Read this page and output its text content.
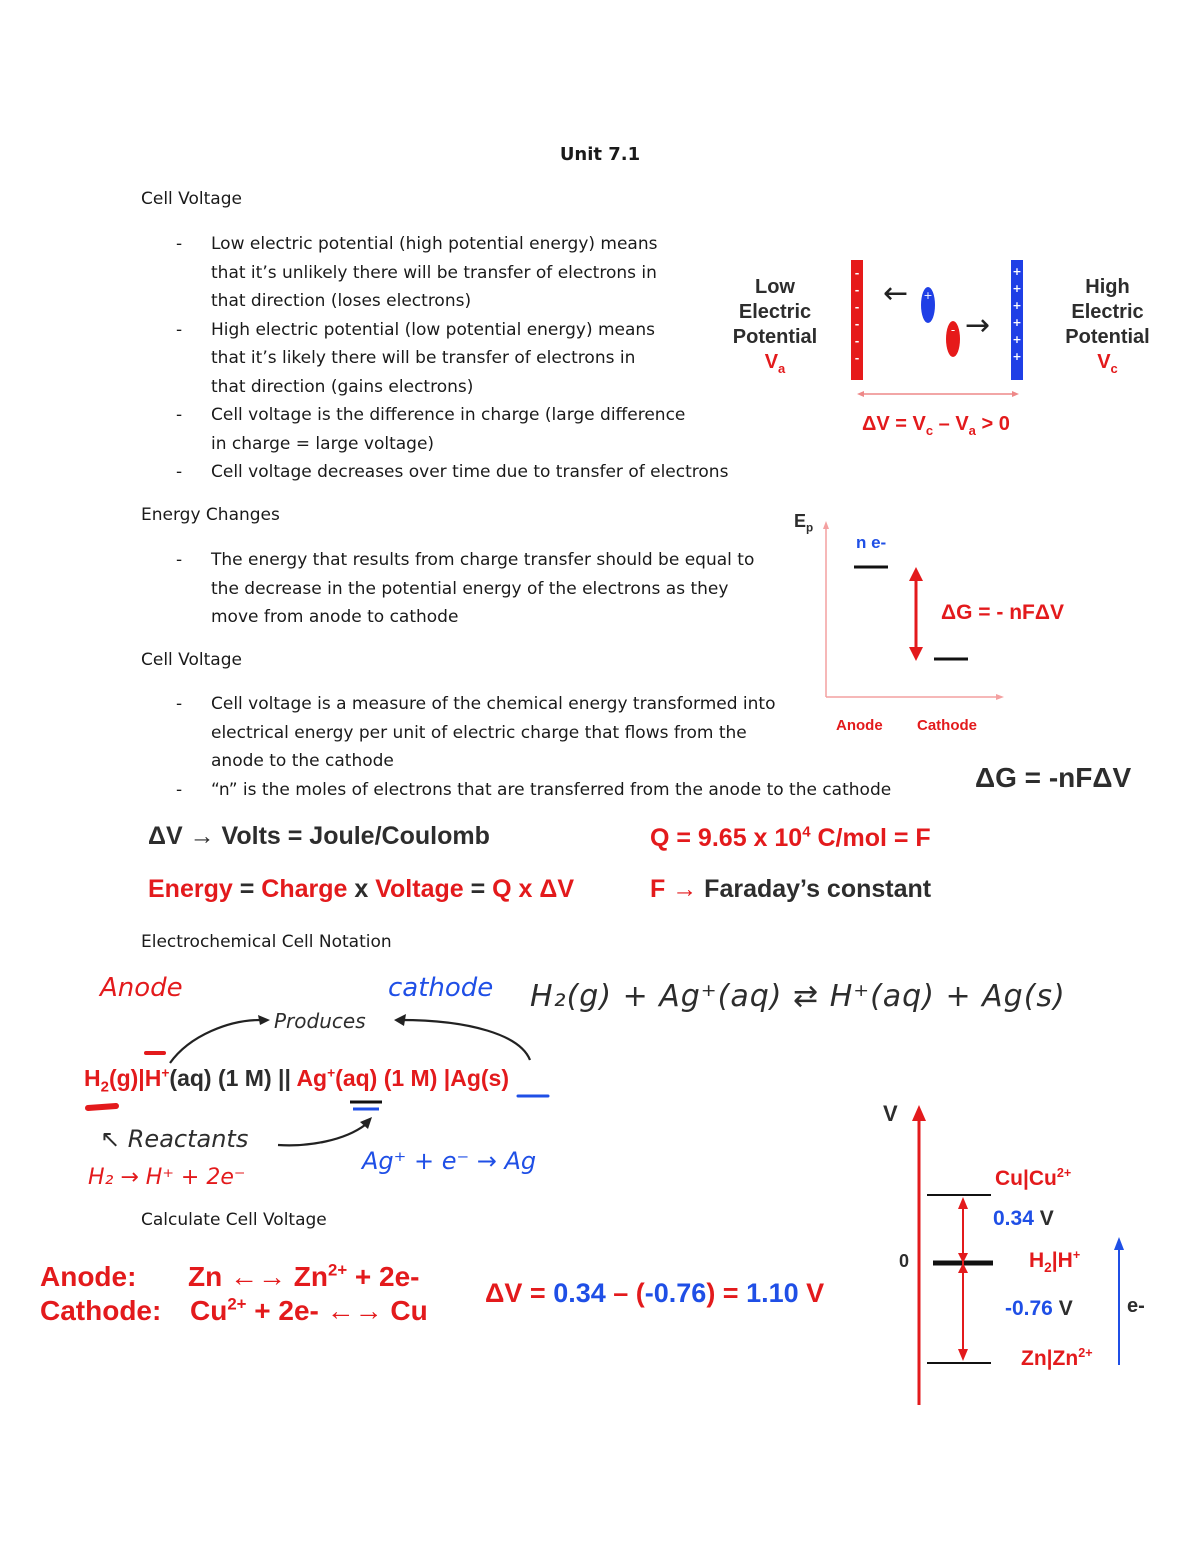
Unit 7.1
Cell Voltage
- Low electric potential (high potential energy) means that it’s unlikely there will be transfer of electrons in that direction (loses electrons)
- High electric potential (low potential energy) means that it’s likely there will be transfer of electrons in that direction (gains electrons)
- Cell voltage is the difference in charge (large difference in charge = large voltage)
- Cell voltage decreases over time due to transfer of electrons
Low
Electric
Potential
$V_a$
-
-
-
-
-
-
+
+
+
+
+
+
← +
- →
High
Electric
Potential
$V_c$
$\Delta V = V_c - V_a > 0$
Energy Changes
- The energy that results from charge transfer should be equal to the decrease in the potential energy of the electrons as they move from anode to cathode
$E_p$
n e-
ΔG = - nFΔV
Anode Cathode
Cell Voltage
- Cell voltage is a measure of the chemical energy transformed into electrical energy per unit of electric charge that flows from the anode to the cathode
- “n” is the moles of electrons that are transferred from the anode to the cathode	ΔG = -nFΔV
ΔV → Volts = Joule/Coulomb	Q = 9.65 x $10^4$ C/mol = F
Energy = Charge x Voltage = Q x ΔV	F → Faraday’s constant
Electrochemical Cell Notation
Anode	cathode
Produces
H₂(g) + Ag⁺(aq) ⇄ H⁺(aq) + Ag(s)
$H_2(g)|H^+(aq)$ (1 M) || Ag+(aq) (1 M) |Ag(s)
↖ Reactants
H₂ → H⁺ + 2e⁻
Ag⁺ + e⁻ → Ag
Calculate Cell Voltage
Anode: Zn ←→ $Zn^{2+} + 2e-$
Cathode: $Cu^{2+} + 2e-$ ←→ Cu
ΔV = 0.34 – (-0.76) = 1.10 V
V
0
$Cu|Cu^{2+}$
0.34 V
$H_2|H^+$
-0.76 V	e-
$Zn|Zn^{2+}$
